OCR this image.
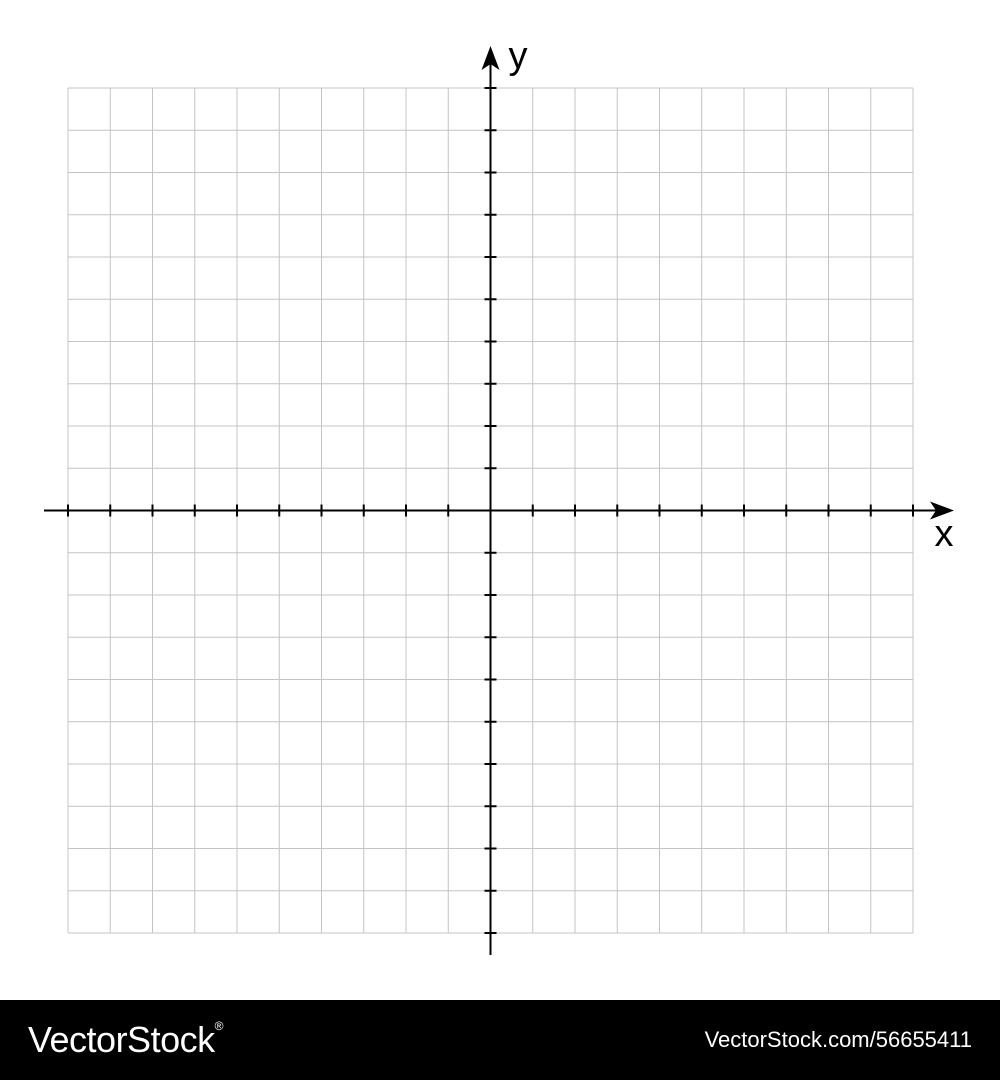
x
y
VectorStock®
VectorStock.com/56655411
